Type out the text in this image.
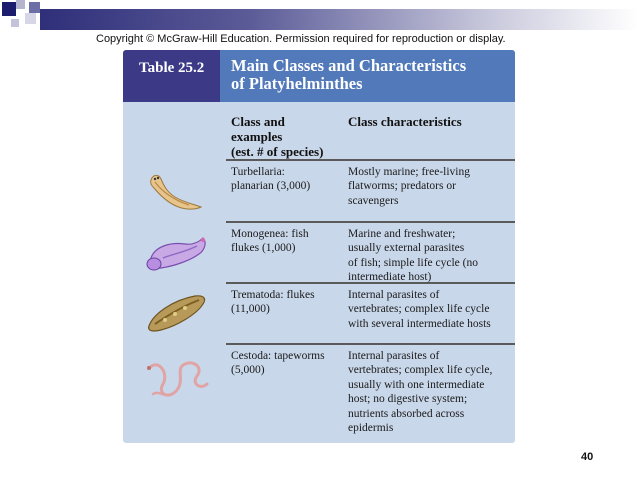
Copyright © McGraw-Hill Education. Permission required for reproduction or display.
Table 25.2	Main Classes and Characteristics
of Platyhelminthes
Class and
examples
(est. # of species)
Class characteristics
Turbellaria:
planarian (3,000)
Mostly marine; free-living
flatworms; predators or
scavengers
Monogenea: fish
flukes (1,000)
Marine and freshwater;
usually external parasites
of fish; simple life cycle (no
intermediate host)
Trematoda: flukes
(11,000)
Internal parasites of
vertebrates; complex life cycle
with several intermediate hosts
Cestoda: tapeworms
(5,000)
Internal parasites of
vertebrates; complex life cycle,
usually with one intermediate
host; no digestive system;
nutrients absorbed across
epidermis
40
